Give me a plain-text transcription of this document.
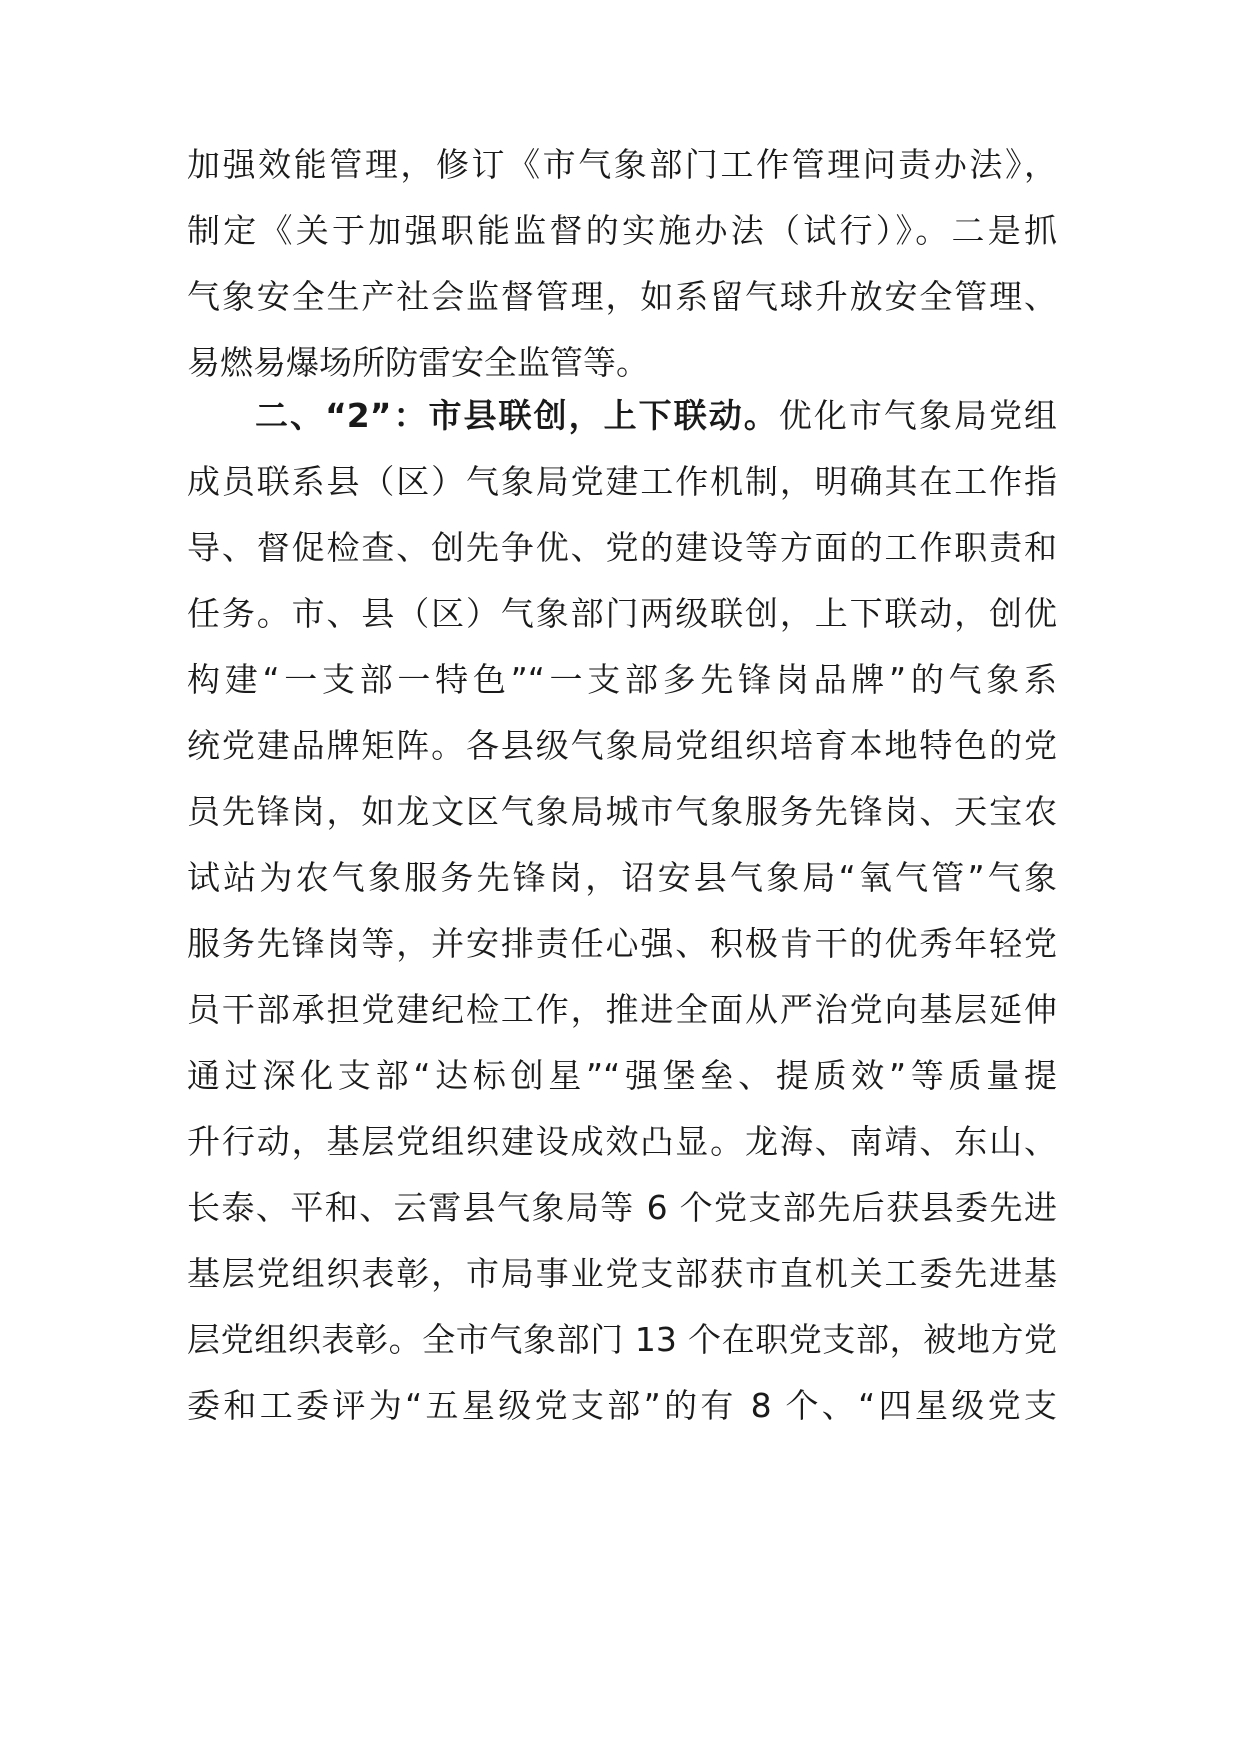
加强效能管理，修订《市气象部门工作管理问责办法》，
制定《关于加强职能监督的实施办法（试行）》。二是抓
气象安全生产社会监督管理，如系留气球升放安全管理、
易燃易爆场所防雷安全监管等。
二、“2”：市县联创，上下联动。优化市气象局党组
成员联系县（区）气象局党建工作机制，明确其在工作指
导、督促检查、创先争优、党的建设等方面的工作职责和
任务。市、县（区）气象部门两级联创，上下联动，创优
构建“一支部一特色”“一支部多先锋岗品牌”的气象系
统党建品牌矩阵。各县级气象局党组织培育本地特色的党
员先锋岗，如龙文区气象局城市气象服务先锋岗、天宝农
试站为农气象服务先锋岗，诏安县气象局“氧气管”气象
服务先锋岗等，并安排责任心强、积极肯干的优秀年轻党
员干部承担党建纪检工作，推进全面从严治党向基层延伸
通过深化支部“达标创星”“强堡垒、提质效”等质量提
升行动，基层党组织建设成效凸显。龙海、南靖、东山、
长泰、平和、云霄县气象局等 6 个党支部先后获县委先进
基层党组织表彰，市局事业党支部获市直机关工委先进基
层党组织表彰。全市气象部门 13 个在职党支部，被地方党
委和工委评为“五星级党支部”的有 8 个、“四星级党支
